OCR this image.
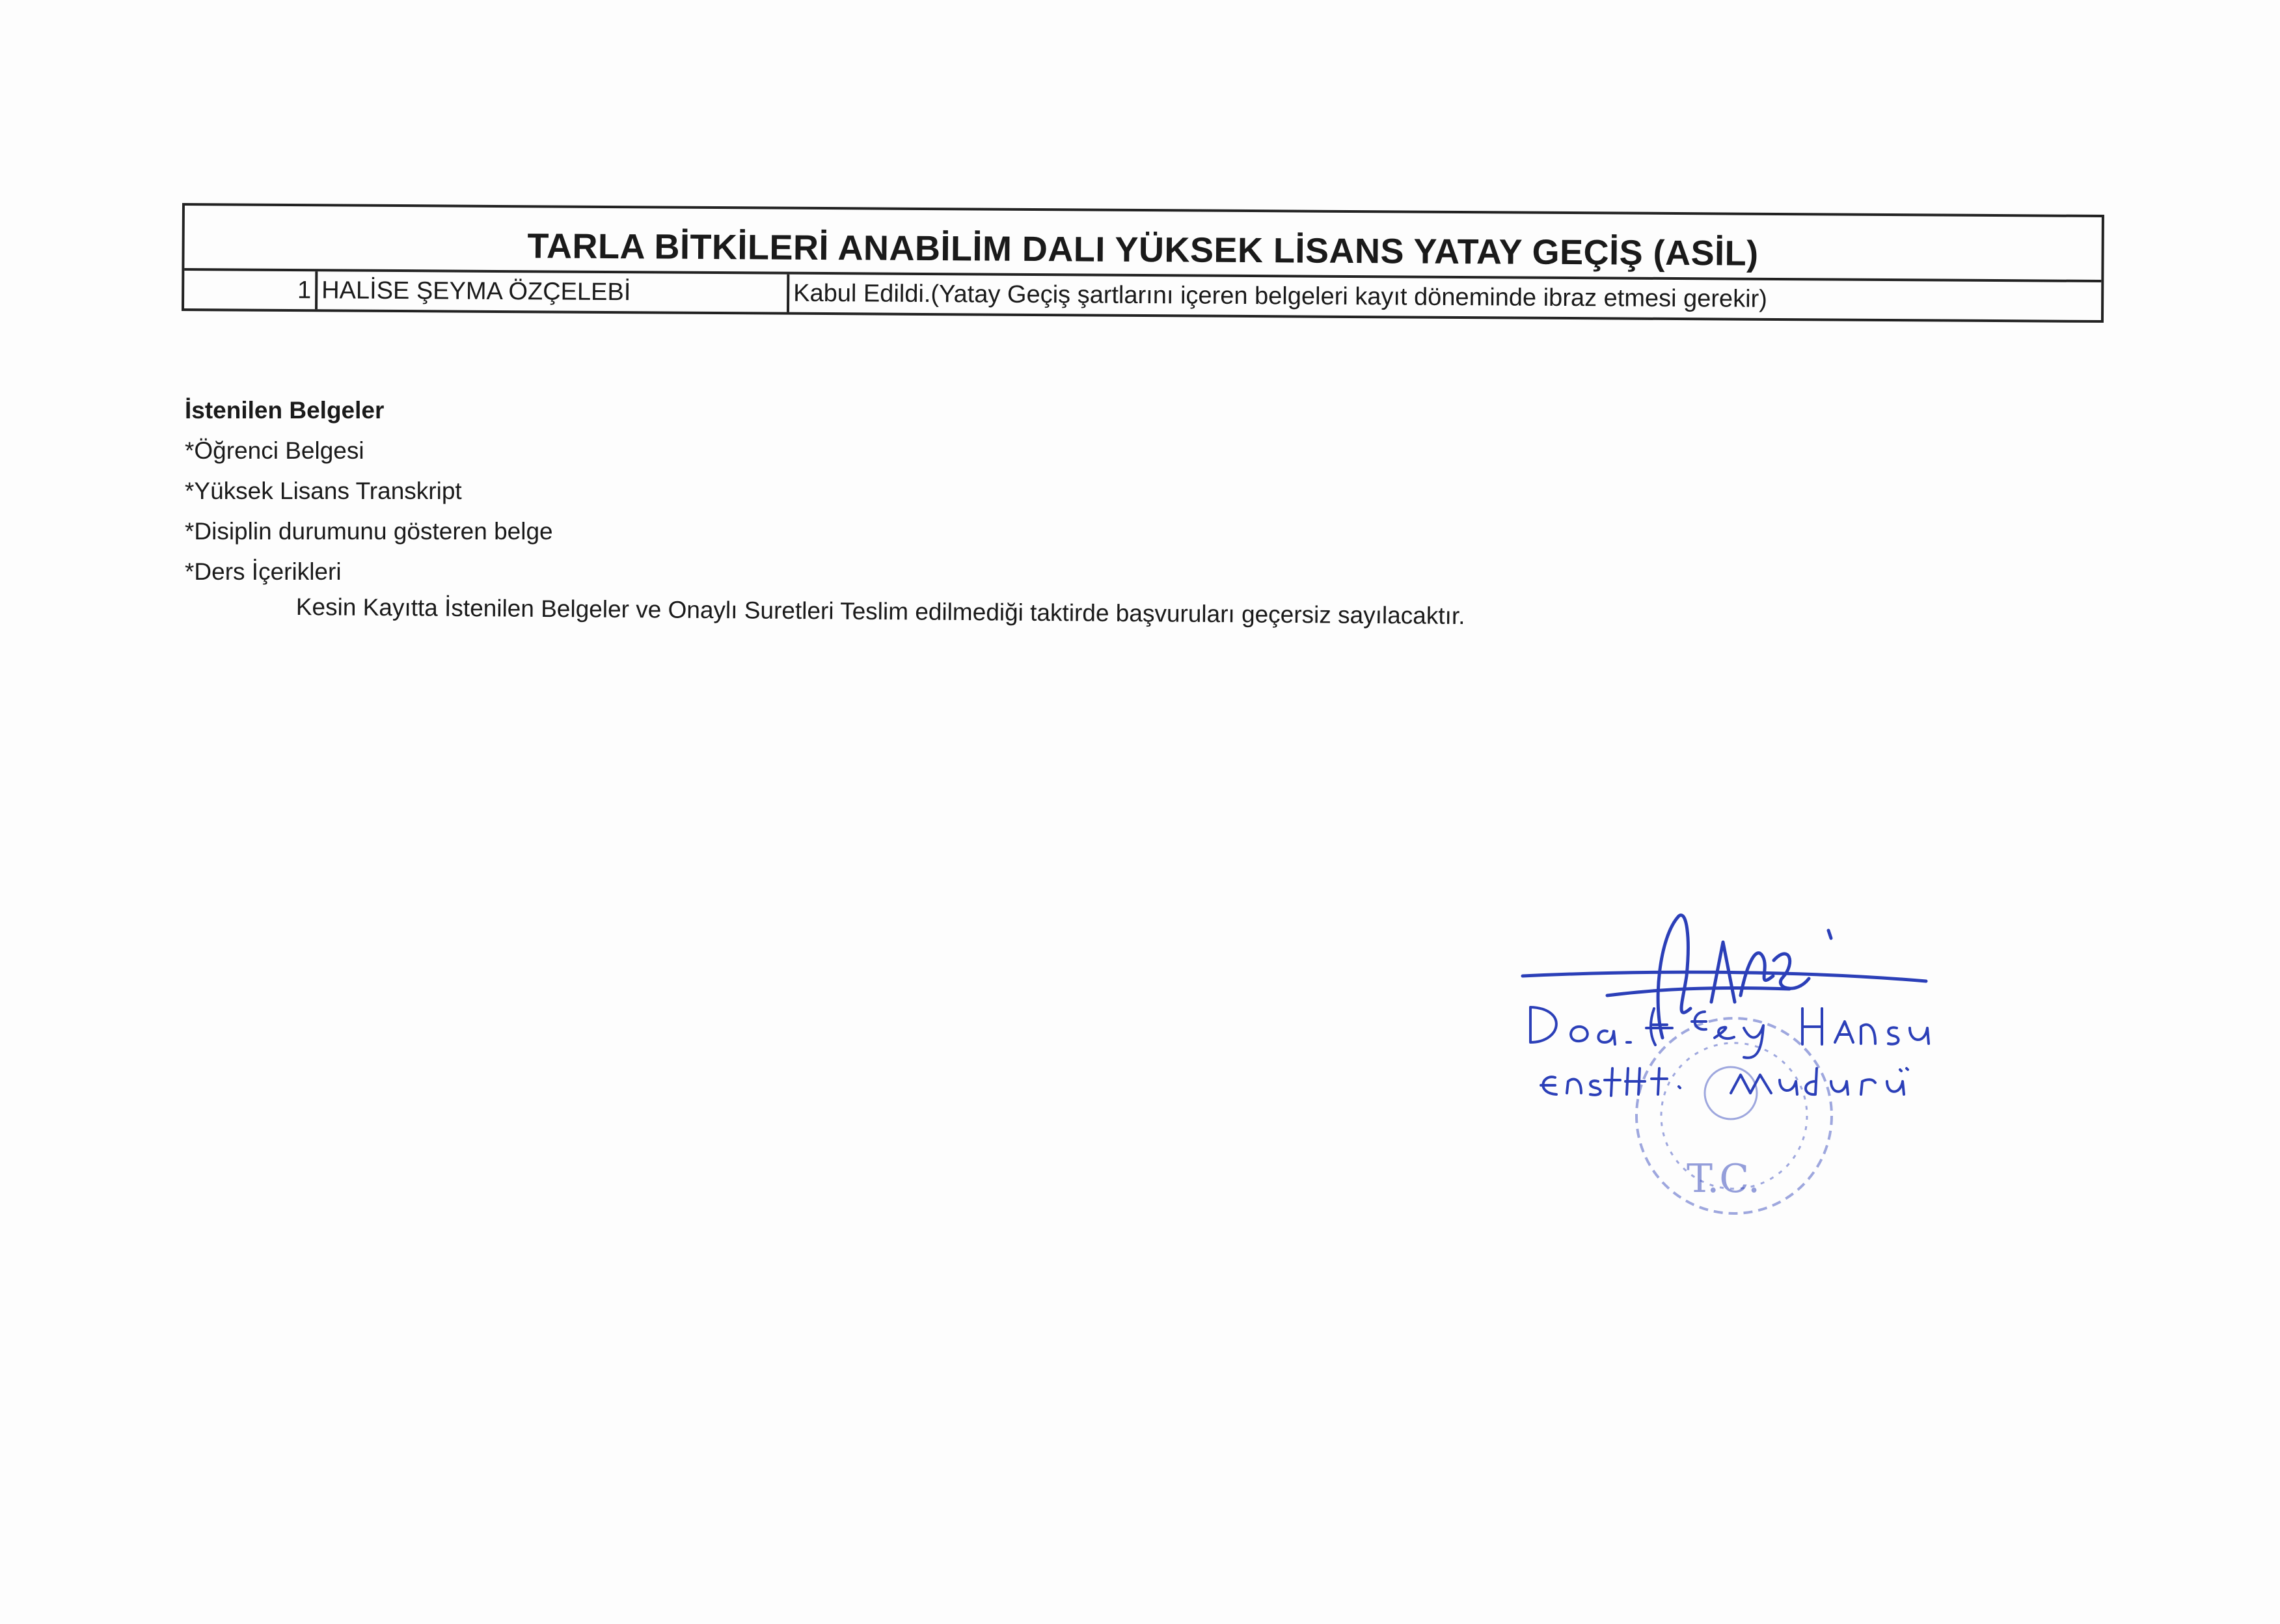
TARLA BİTKİLERİ ANABİLİM DALI YÜKSEK LİSANS YATAY GEÇİŞ (ASİL)
1 HALİSE ŞEYMA ÖZÇELEBİ	Kabul Edildi.(Yatay Geçiş şartlarını içeren belgeleri kayıt döneminde ibraz etmesi gerekir)
İstenilen Belgeler
*Öğrenci Belgesi
*Yüksek Lisans Transkript
*Disiplin durumunu gösteren belge
*Ders İçerikleri
Kesin Kayıtta İstenilen Belgeler ve Onaylı Suretleri Teslim edilmediği taktirde başvuruları geçersiz sayılacaktır.
T.C.
